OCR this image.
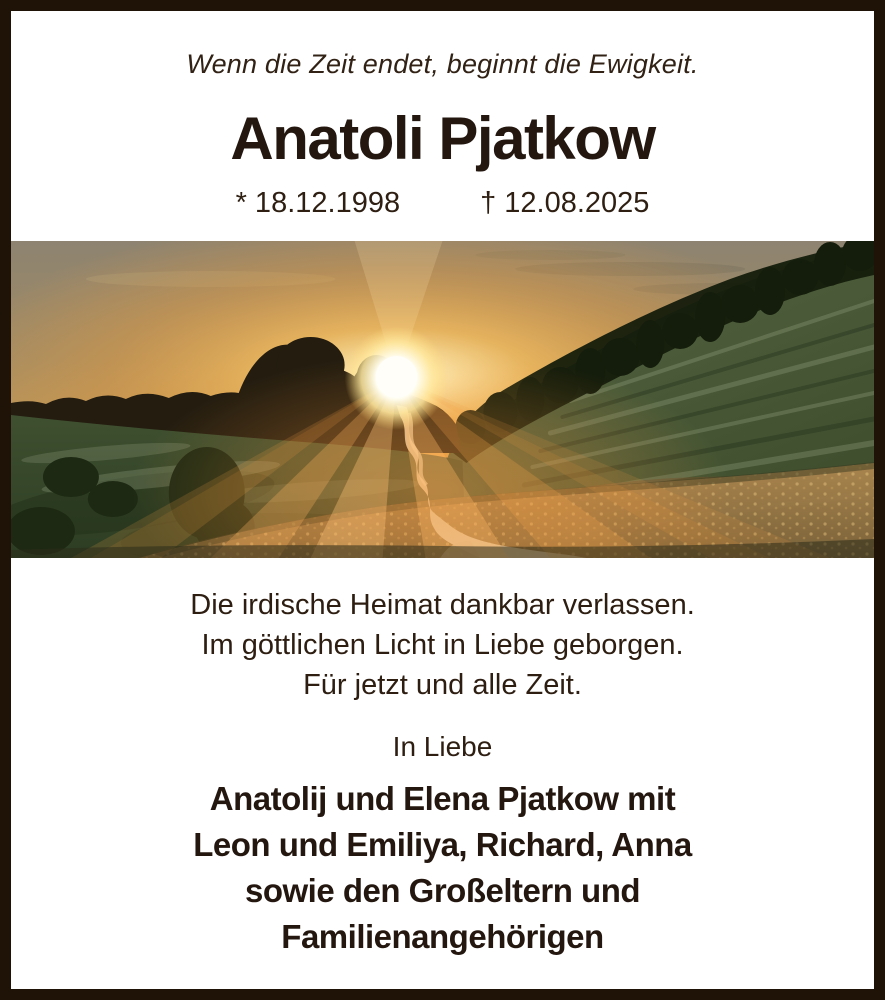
Wenn die Zeit endet, beginnt die Ewigkeit.
Anatoli Pjatkow
* 18.12.1998	† 12.08.2025
Die irdische Heimat dankbar verlassen.
Im göttlichen Licht in Liebe geborgen.
Für jetzt und alle Zeit.
In Liebe
Anatolij und Elena Pjatkow mit
Leon und Emiliya, Richard, Anna
sowie den Großeltern und
Familienangehörigen
